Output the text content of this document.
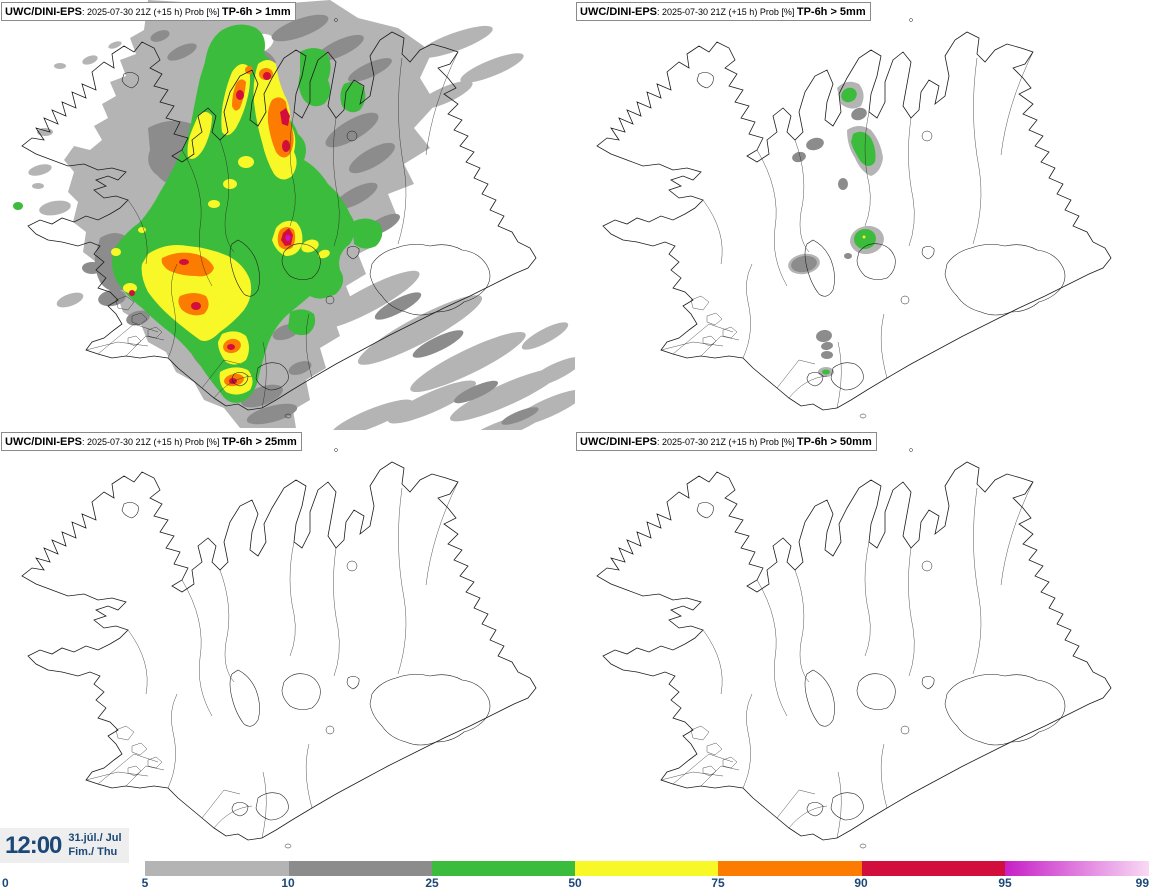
UWC/DINI-EPS: 2025-07-30 21Z (+15 h) Prob [%] TP-6h > 1mm	UWC/DINI-EPS: 2025-07-30 21Z (+15 h) Prob [%] TP-6h > 5mm
UWC/DINI-EPS: 2025-07-30 21Z (+15 h) Prob [%] TP-6h > 25mm	UWC/DINI-EPS: 2025-07-30 21Z (+15 h) Prob [%] TP-6h > 50mm
12:00 31.júl./ Jul
Fim./ Thu
0	5	10	25	50	75	90	95	99
